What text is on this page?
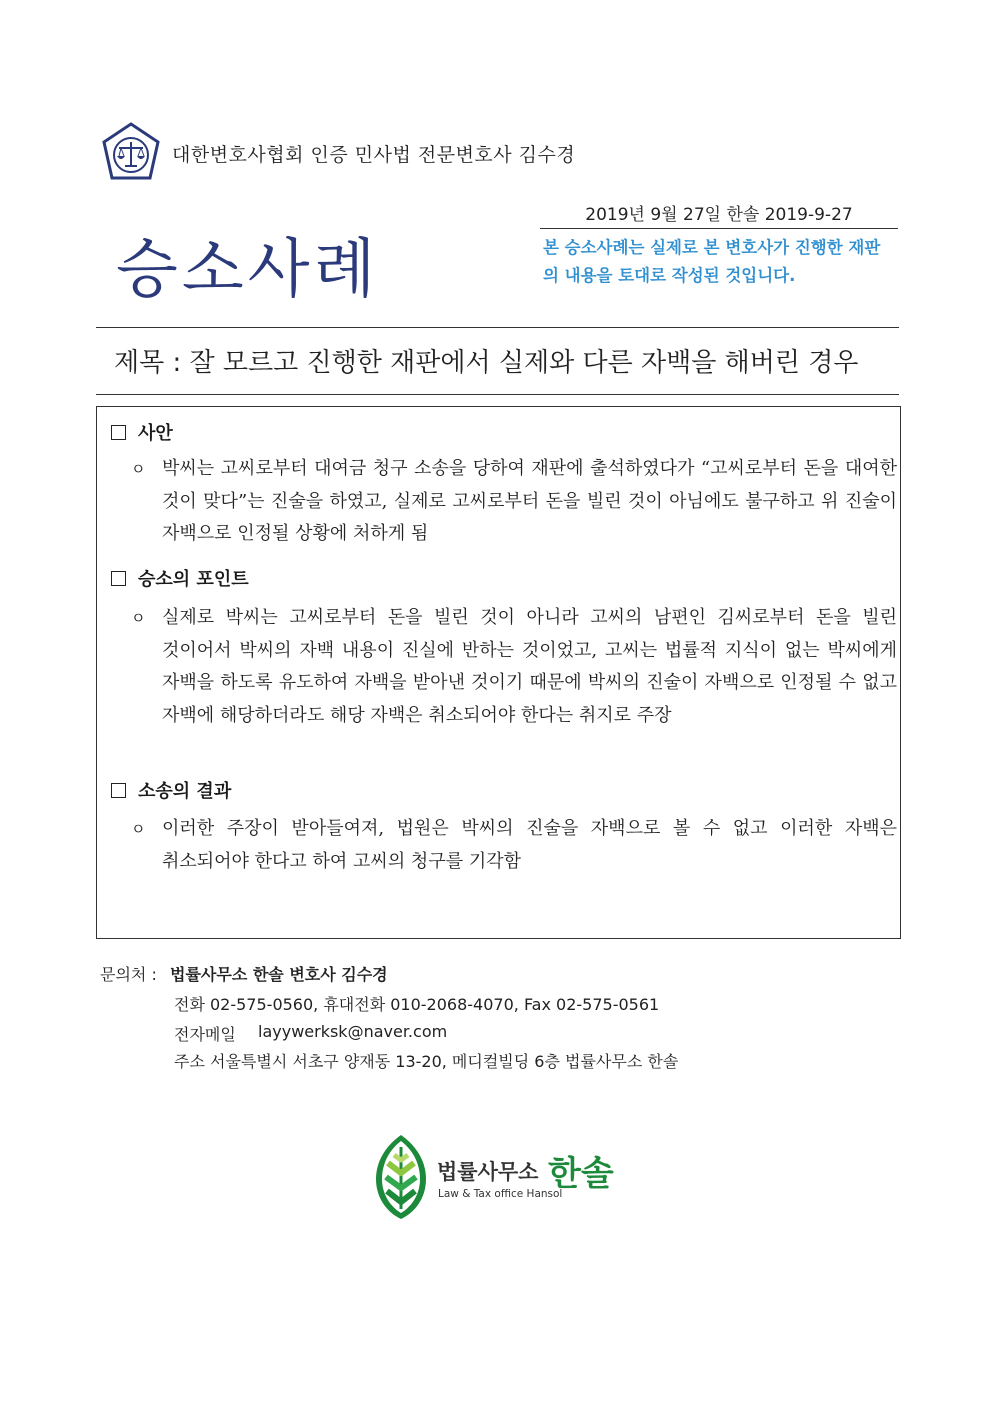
대한변호사협회 인증 민사법 전문변호사 김수경
2019년 9월 27일 한솔 2019-9-27
승소사례	본 승소사례는 실제로 본 변호사가 진행한 재판의 내용을 토대로 작성된 것입니다.
제목 : 잘 모르고 진행한 재판에서 실제와 다른 자백을 해버린 경우
사안
ㅇ 박씨는 고씨로부터 대여금 청구 소송을 당하여 재판에 출석하였다가 “고씨로부터 돈을 대여한 것이 맞다”는 진술을 하였고, 실제로 고씨로부터 돈을 빌린 것이 아님에도 불구하고 위 진술이 자백으로 인정될 상황에 처하게 됨
승소의 포인트
ㅇ 실제로 박씨는 고씨로부터 돈을 빌린 것이 아니라 고씨의 남편인 김씨로부터 돈을 빌린 것이어서 박씨의 자백 내용이 진실에 반하는 것이었고, 고씨는 법률적 지식이 없는 박씨에게 자백을 하도록 유도하여 자백을 받아낸 것이기 때문에 박씨의 진술이 자백으로 인정될 수 없고 자백에 해당하더라도 해당 자백은 취소되어야 한다는 취지로 주장
소송의 결과
ㅇ 이러한 주장이 받아들여져, 법원은 박씨의 진술을 자백으로 볼 수 없고 이러한 자백은 취소되어야 한다고 하여 고씨의 청구를 기각함
문의처 : 법률사무소 한솔 변호사 김수경
전화 02-575-0560, 휴대전화 010-2068-4070, Fax 02-575-0561
전자메일 layywerksk@naver.com
주소 서울특별시 서초구 양재동 13-20, 메디컬빌딩 6층 법률사무소 한솔
법률사무소
Law & Tax office Hansol
한솔
